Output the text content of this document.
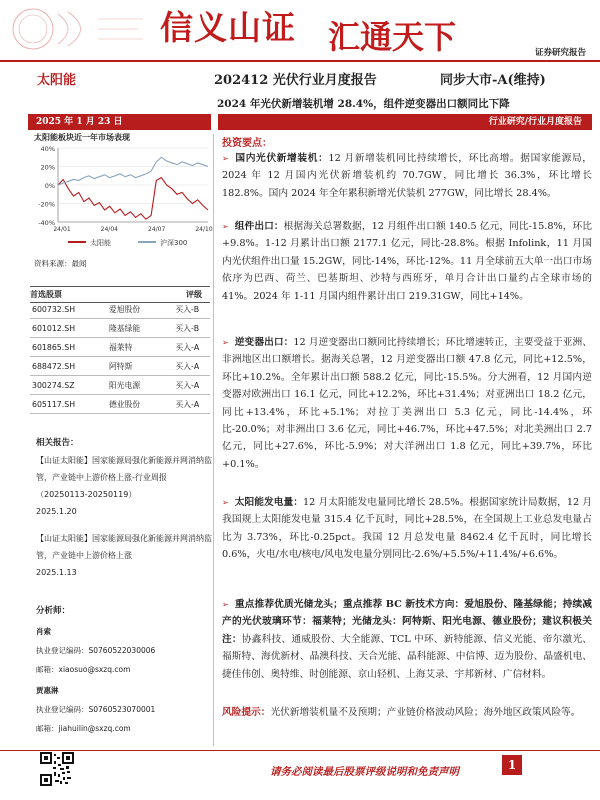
信义山证 汇通天下	证券研究报告
太阳能	202412 光伏行业月度报告	同步大市-A(维持)
2024 年光伏新增装机增 28.4%，组件逆变器出口额同比下降
2025 年 1 月 23 日	行业研究/行业月度报告
太阳能板块近一年市场表现
40%
20%
0%
-20%
-40%
24/01	24/04	24/07	24/10
太阳能	沪深300
资料来源：最闻
首选股票	评级
600732.SH	爱旭股份	买入-B
601012.SH	隆基绿能	买入-B
601865.SH	福莱特	买入-A
688472.SH	阿特斯	买入-A
300274.SZ	阳光电源	买入-A
605117.SH	德业股份	买入-A
相关报告：
【山证太阳能】国家能源局强化新能源并网消纳监管，产业链中上游价格上涨-行业周报（20250113-20250119）
2025.1.20
【山证太阳能】国家能源局强化新能源并网消纳监管，产业链中上游价格上涨
2025.1.13
分析师：
肖索
执业登记编码：S0760522030006
邮箱：xiaosuo@sxzq.com
贾惠淋
执业登记编码：S0760523070001
邮箱：jiahuilin@sxzq.com
投资要点：
➢ 国内光伏新增装机：12 月新增装机同比持续增长，环比高增。据国家能源局，2024 年 12 月国内光伏新增装机约 70.7GW，同比增长 36.3%，环比增长 182.8%。国内 2024 年全年累积新增光伏装机 277GW，同比增长 28.4%。
➢ 组件出口：根据海关总署数据，12 月组件出口额 140.5 亿元，同比-15.8%，环比+9.8%。1-12 月累计出口额 2177.1 亿元，同比-28.8%。根据 Infolink，11 月国内光伏组件出口量 15.2GW，同比-14%，环比-12%。11 月全球前五大单一出口市场依序为巴西、荷兰、巴基斯坦、沙特与西班牙，单月合计出口量约占全球市场的 41%。2024 年 1-11 月国内组件累计出口 219.31GW，同比+14%。
➢ 逆变器出口：12 月逆变器出口额同比持续增长；环比增速转正，主要受益于亚洲、非洲地区出口额增长。据海关总署，12 月逆变器出口额 47.8 亿元，同比+12.5%，环比+10.2%。全年累计出口额 588.2 亿元，同比-15.5%。分大洲看，12 月国内逆变器对欧洲出口 16.1 亿元，同比+12.2%，环比+31.4%；对亚洲出口 18.2 亿元，同比+13.4%，环比+5.1%；对拉丁美洲出口 5.3 亿元，同比-14.4%，环比-20.0%；对非洲出口 3.6 亿元，同比+46.7%，环比+47.5%；对北美洲出口 2.7 亿元，同比+27.6%，环比-5.9%；对大洋洲出口 1.8 亿元，同比+39.7%，环比+0.1%。
➢ 太阳能发电量：12 月太阳能发电量同比增长 28.5%。根据国家统计局数据，12 月我国规上太阳能发电量 315.4 亿千瓦时，同比+28.5%，在全国规上工业总发电量占比为 3.73%，环比-0.25pct。我国 12 月总发电量 8462.4 亿千瓦时，同比增长 0.6%，火电/水电/核电/风电发电量分别同比-2.6%/+5.5%/+11.4%/+6.6%。
➢ 重点推荐优质光储龙头；重点推荐 BC 新技术方向：爱旭股份、隆基绿能；持续减产的光伏玻璃环节：福莱特；光储龙头：阿特斯、阳光电源、德业股份；建议积极关注：协鑫科技、通威股份、大全能源、TCL 中环、新特能源、信义光能、帝尔激光、福斯特、海优新材、晶澳科技、天合光能、晶科能源、中信博、迈为股份、晶盛机电、捷佳伟创、奥特维、时创能源、京山轻机、上海艾录、宇邦新材、广信材料。
风险提示：光伏新增装机量不及预期；产业链价格波动风险；海外地区政策风险等。
请务必阅读最后股票评级说明和免责声明	1
